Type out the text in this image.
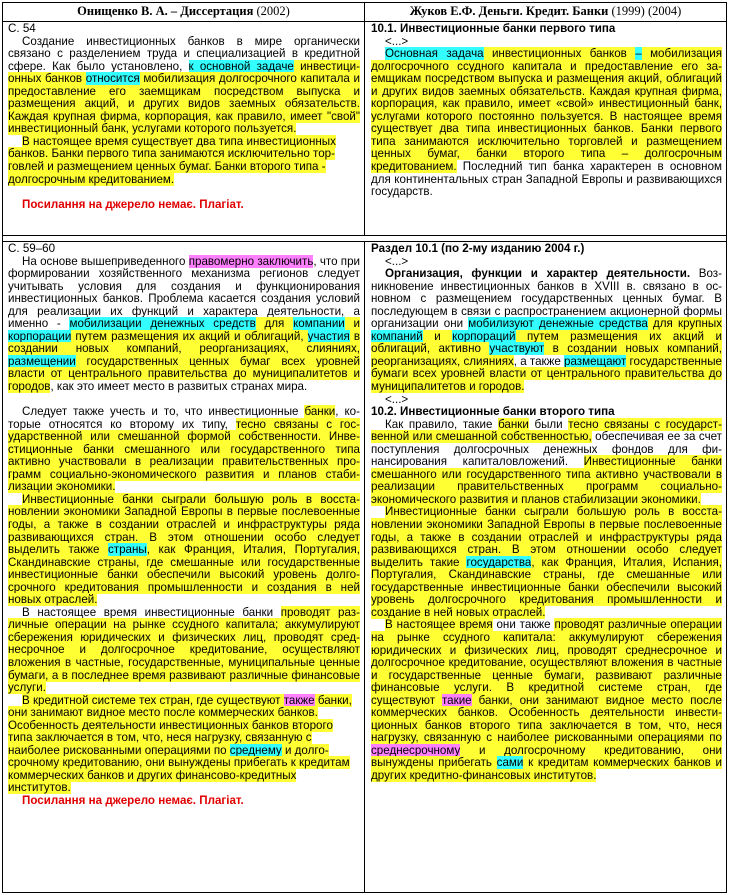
Онищенко В. А. – Диссертация (2002)	Жуков Е.Ф. Деньги. Кредит. Банки (1999) (2004)
С. 54
Создание инвестиционных банков в мире органически связано с разделением труда и специализацией в кредитной сфере. Как было установлено, к основной задаче инвестиционных банков относится мобилизация долгосрочного капитала и предоставление его заемщикам посредством выпуска и размещения акций, и других видов заемных обязательств. Каждая крупная фирма, корпорация, как правило, имеет "свой" инвестиционный банк, услугами которого пользуется.
В настоящее время существует два типа инвестиционных банков. Банки первого типа занимаются исключительно торговлей и размещением ценных бумаг. Банки второго типа - долгосрочным кредитованием.
Посилання на джерело немає. Плагіат.
10.1. Инвестиционные банки первого типа
<...>
Основная задача инвестиционных банков – мобилизация долгосрочного ссудного капитала и предоставление его заемщикам посредством выпуска и размещения акций, облигаций и других видов заемных обязательств. Каждая крупная фирма, корпорация, как правило, имеет «свой» инвестиционный банк, услугами которого постоянно пользуется. В настоящее время существует два типа инвестиционных банков. Банки первого типа занимаются исключительно торговлей и размещением ценных бумаг, банки второго типа – долгосрочным кредитованием. Последний тип банка характерен в основном для континентальных стран Западной Европы и развивающихся государств.
С. 59–60
На основе вышеприведенного правомерно заключить, что при формировании хозяйственного механизма регионов следует учитывать условия для создания и функционирования инвестиционных банков. Проблема касается создания условий для реализации их функций и характера деятельности, а именно - мобилизации денежных средств для компании и корпорации путем размещения их акций и облигаций, участия в создании новых компаний, реорганизациях, слияниях, размещении государственных ценных бумаг всех уровней власти от центрального правительства до муниципалитетов и городов, как это имеет место в развитых странах мира.
Следует также учесть и то, что инвестиционные банки, которые относятся ко второму их типу, тесно связаны с государственной или смешанной формой собственности. Инвестиционные банки смешанного или государственного типа активно участвовали в реализации правительственных программ социально-экономического развития и планов стабилизации экономики.
Инвестиционные банки сыграли большую роль в восстановлении экономики Западной Европы в первые послевоенные годы, а также в создании отраслей и инфраструктуры ряда развивающихся стран. В этом отношении особо следует выделить также страны, как Франция, Италия, Португалия, Скандинавские страны, где смешанные или государственные инвестиционные банки обеспечили высокий уровень долгосрочного кредитования промышленности и создания в ней новых отраслей.
В настоящее время инвестиционные банки проводят различные операции на рынке ссудного капитала; аккумулируют сбережения юридических и физических лиц, проводят среднесрочное и долгосрочное кредитование, осуществляют вложения в частные, государственные, муниципальные ценные бумаги, а в последнее время развивают различные финансовые услуги.
В кредитной системе тех стран, где существуют также банки, они занимают видное место после коммерческих банков. Особенность деятельности инвестиционных банков второго типа заключается в том, что, неся нагрузку, связанную с наиболее рискованными операциями по среднему и долгосрочному кредитованию, они вынуждены прибегать к кредитам коммерческих банков и других финансово-кредитных институтов.
Посилання на джерело немає. Плагіат.
Раздел 10.1 (по 2-му изданию 2004 г.)
<...>
Организация, функции и характер деятельности. Возникновение инвестиционных банков в XVIII в. связано в основном с размещением государственных ценных бумаг. В последующем в связи с распространением акционерной формы организации они мобилизуют денежные средства для крупных компаний и корпораций путем размещения их акций и облигаций, активно участвуют в создании новых компаний, реорганизациях, слияниях, а также размещают государственные бумаги всех уровней власти от центрального правительства до муниципалитетов и городов.
<...>
10.2. Инвестиционные банки второго типа
Как правило, такие банки были тесно связаны с государственной или смешанной собственностью, обеспечивая ее за счет поступления долгосрочных денежных фондов для финансирования капиталовложений. Инвестиционные банки смешанного или государственного типа активно участвовали в реализации правительственных программ социальноэкономического развития и планов стабилизации экономики.
Инвестиционные банки сыграли большую роль в восстановлении экономики Западной Европы в первые послевоенные годы, а также в создании отраслей и инфраструктуры ряда развивающихся стран. В этом отношении особо следует выделить такие государства, как Франция, Италия, Испания, Португалия, Скандинавские страны, где смешанные или государственные инвестиционные банки обеспечили высокий уровень долгосрочного кредитования промышленности и создание в ней новых отраслей.
В настоящее время они также проводят различные операции на рынке ссудного капитала: аккумулируют сбережения юридических и физических лиц, проводят среднесрочное и долгосрочное кредитование, осуществляют вложения в частные и государственные ценные бумаги, развивают различные финансовые услуги. В кредитной системе стран, где существуют такие банки, они занимают видное место после коммерческих банков. Особенность деятельности инвестиционных банков второго типа заключается в том, что, неся нагрузку, связанную с наиболее рискованными операциями по среднесрочному и долгосрочному кредитованию, они вынуждены прибегать сами к кредитам коммерческих банков и других кредитно-финансовых институтов.
